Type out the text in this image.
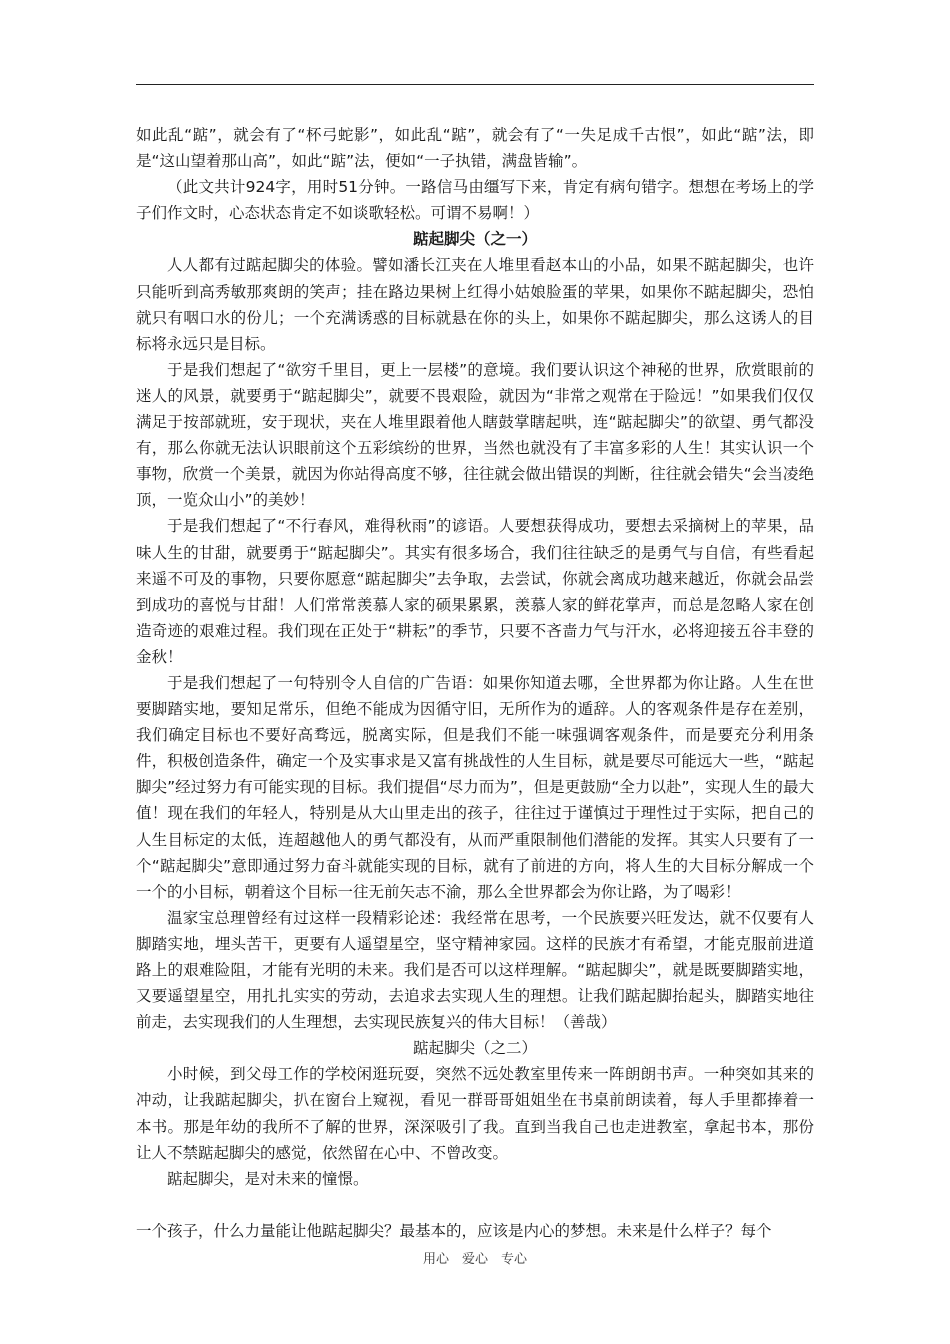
如此乱“踮”，就会有了“杯弓蛇影”，如此乱“踮”，就会有了“一失足成千古恨”，如此“踮”法，即是“这山望着那山高”，如此“踮”法，便如“一子执错，满盘皆输”。

（此文共计924字，用时51分钟。一路信马由缰写下来，肯定有病句错字。想想在考场上的学子们作文时，心态状态肯定不如谈歌轻松。可谓不易啊！）

踮起脚尖（之一）

人人都有过踮起脚尖的体验。譬如潘长江夹在人堆里看赵本山的小品，如果不踮起脚尖，也许只能听到高秀敏那爽朗的笑声；挂在路边果树上红得小姑娘脸蛋的苹果，如果你不踮起脚尖，恐怕就只有咽口水的份儿；一个充满诱惑的目标就悬在你的头上，如果你不踮起脚尖，那么这诱人的目标将永远只是目标。

于是我们想起了“欲穷千里目，更上一层楼”的意境。我们要认识这个神秘的世界，欣赏眼前的迷人的风景，就要勇于“踮起脚尖”，就要不畏艰险，就因为“非常之观常在于险远！”如果我们仅仅满足于按部就班，安于现状，夹在人堆里跟着他人瞎鼓掌瞎起哄，连“踮起脚尖”的欲望、勇气都没有，那么你就无法认识眼前这个五彩缤纷的世界，当然也就没有了丰富多彩的人生！其实认识一个事物，欣赏一个美景，就因为你站得高度不够，往往就会做出错误的判断，往往就会错失“会当凌绝顶，一览众山小”的美妙！

于是我们想起了“不行春风，难得秋雨”的谚语。人要想获得成功，要想去采摘树上的苹果，品味人生的甘甜，就要勇于“踮起脚尖”。其实有很多场合，我们往往缺乏的是勇气与自信，有些看起来遥不可及的事物，只要你愿意“踮起脚尖”去争取，去尝试，你就会离成功越来越近，你就会品尝到成功的喜悦与甘甜！人们常常羡慕人家的硕果累累，羡慕人家的鲜花掌声，而总是忽略人家在创造奇迹的艰难过程。我们现在正处于“耕耘”的季节，只要不吝啬力气与汗水，必将迎接五谷丰登的金秋！

于是我们想起了一句特别令人自信的广告语：如果你知道去哪，全世界都为你让路。人生在世要脚踏实地，要知足常乐，但绝不能成为因循守旧，无所作为的遁辞。人的客观条件是存在差别，我们确定目标也不要好高骛远，脱离实际，但是我们不能一味强调客观条件，而是要充分利用条件，积极创造条件，确定一个及实事求是又富有挑战性的人生目标，就是要尽可能远大一些，“踮起脚尖”经过努力有可能实现的目标。我们提倡“尽力而为”，但是更鼓励“全力以赴”，实现人生的最大值！现在我们的年轻人，特别是从大山里走出的孩子，往往过于谨慎过于理性过于实际，把自己的人生目标定的太低，连超越他人的勇气都没有，从而严重限制他们潜能的发挥。其实人只要有了一个“踮起脚尖”意即通过努力奋斗就能实现的目标，就有了前进的方向，将人生的大目标分解成一个一个的小目标，朝着这个目标一往无前矢志不渝，那么全世界都会为你让路，为了喝彩！

温家宝总理曾经有过这样一段精彩论述：我经常在思考，一个民族要兴旺发达，就不仅要有人脚踏实地，埋头苦干，更要有人遥望星空，坚守精神家园。这样的民族才有希望，才能克服前进道路上的艰难险阻，才能有光明的未来。我们是否可以这样理解。“踮起脚尖”，就是既要脚踏实地，又要遥望星空，用扎扎实实的劳动，去追求去实现人生的理想。让我们踮起脚抬起头，脚踏实地往前走，去实现我们的人生理想，去实现民族复兴的伟大目标！（善哉）

踮起脚尖（之二）

小时候，到父母工作的学校闲逛玩耍，突然不远处教室里传来一阵朗朗书声。一种突如其来的冲动，让我踮起脚尖，扒在窗台上窥视，看见一群哥哥姐姐坐在书桌前朗读着，每人手里都捧着一本书。那是年幼的我所不了解的世界，深深吸引了我。直到当我自己也走进教室，拿起书本，那份让人不禁踮起脚尖的感觉，依然留在心中、不曾改变。

踮起脚尖，是对未来的憧憬。

一个孩子，什么力量能让他踮起脚尖？最基本的，应该是内心的梦想。未来是什么样子？每个

用心　爱心　专心
